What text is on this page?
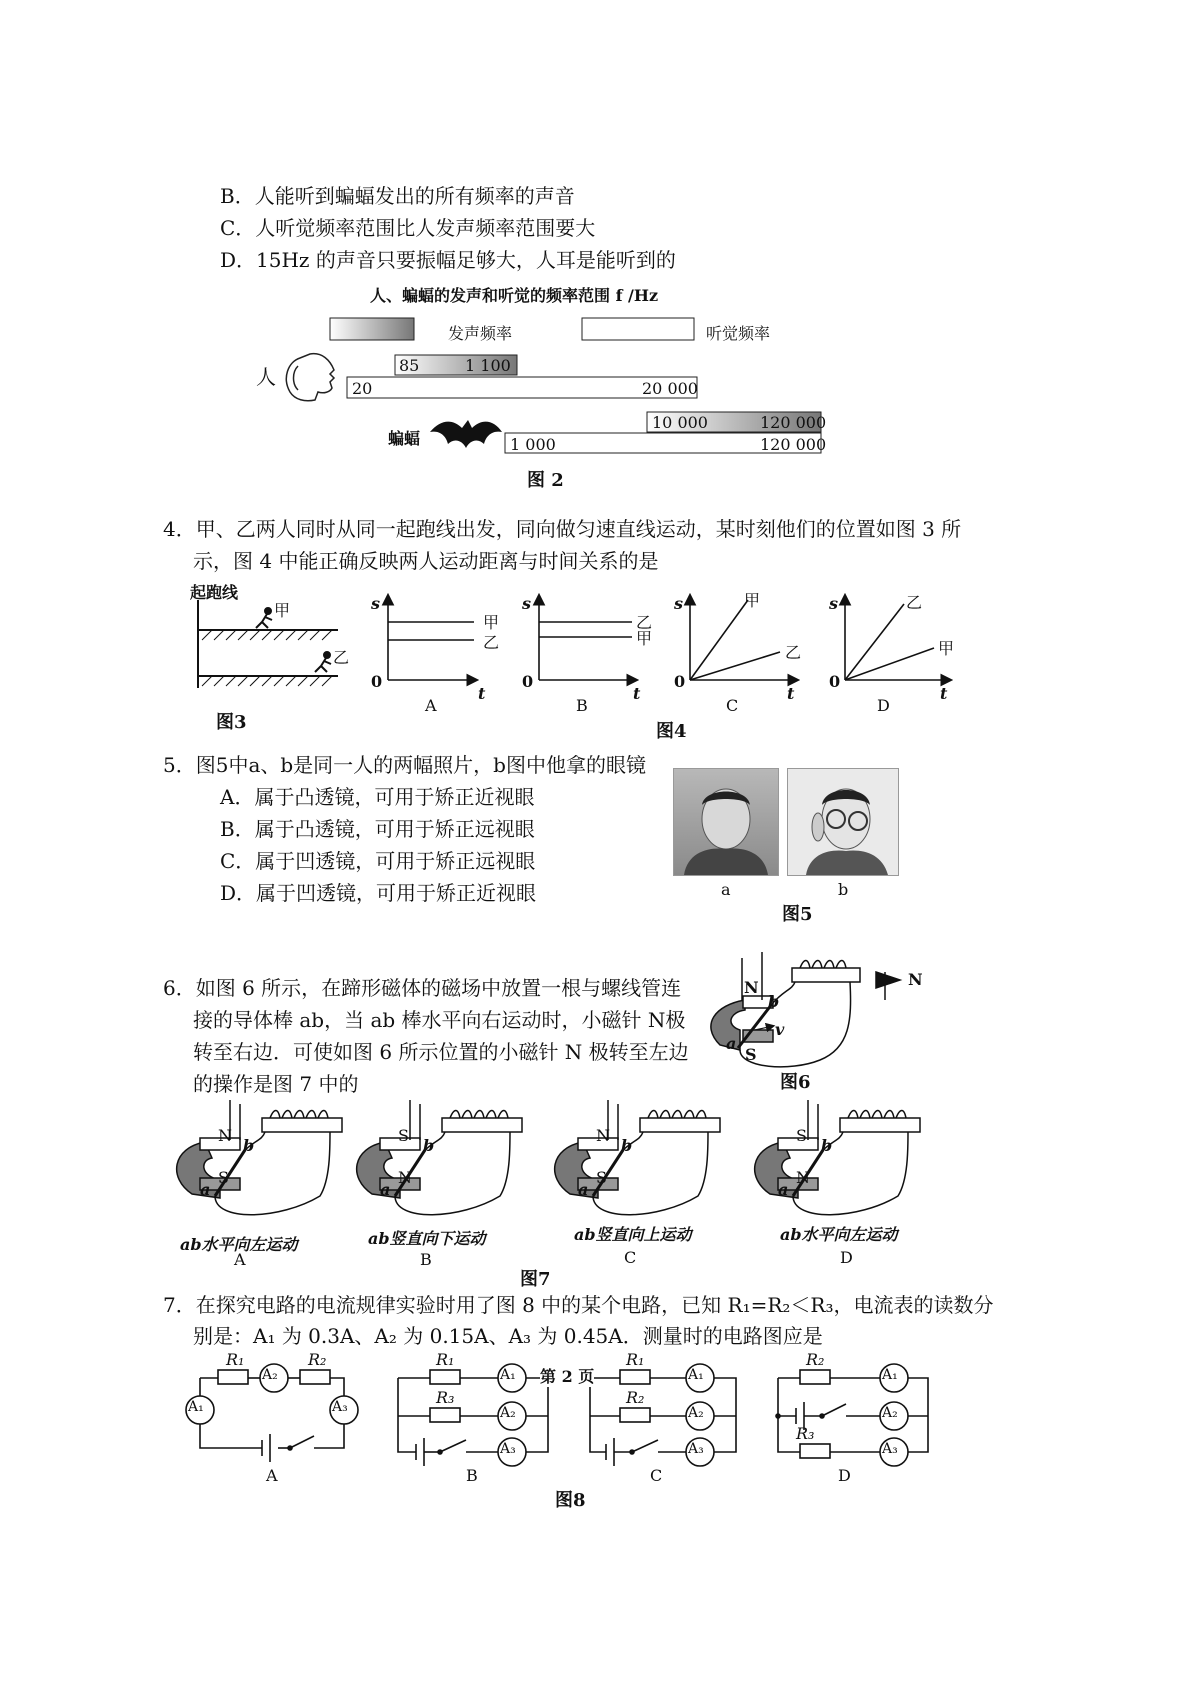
B．人能听到蝙蝠发出的所有频率的声音
C．人听觉频率范围比人发声频率范围要大
D．15Hz 的声音只要振幅足够大，人耳是能听到的
人、蝙蝠的发声和听觉的频率范围 f /Hz
发声频率	听觉频率
人	85	1 100
20	20 000
蝙蝠
10 000	120 000
1 000	120 000
图 2
4．甲、乙两人同时从同一起跑线出发，同向做匀速直线运动，某时刻他们的位置如图 3 所
示，图 4 中能正确反映两人运动距离与时间关系的是
起跑线
甲
乙
图3
s
t
0
甲
乙
A
s
t
0
乙
甲
B
s
t
0
甲
乙
C
s
t
0
乙
甲
D
图4
5．图5中a、b是同一人的两幅照片，b图中他拿的眼镜
A．属于凸透镜，可用于矫正近视眼
B．属于凸透镜，可用于矫正远视眼
C．属于凹透镜，可用于矫正远视眼
D．属于凹透镜，可用于矫正近视眼	a	b
图5
6．如图 6 所示，在蹄形磁体的磁场中放置一根与螺线管连
接的导体棒 ab，当 ab 棒水平向右运动时，小磁针 N极
转至右边．可使如图 6 所示位置的小磁针 N 极转至左边
的操作是图 7 中的
N
S
b
a
v
N
图6
N
S
b
a
ab水平向左运动
A
S
N
b
a
ab竖直向下运动
B
N
S
b
a
ab竖直向上运动
C
S
N
b
a
ab水平向左运动
D
图7
7．在探究电路的电流规律实验时用了图 8 中的某个电路，已知 R₁=R₂＜R₃，电流表的读数分
别是：A₁ 为 0.3A、A₂ 为 0.15A、A₃ 为 0.45A．测量时的电路图应是
R₁	R₂
A₂
A₁	A₃
A
R₁
R₃
A₁
A₂
A₃
B
R₁
R₂
A₁
A₂
A₃
C
R₂
R₃
A₁
A₂
A₃
D
第 2 页
图8
